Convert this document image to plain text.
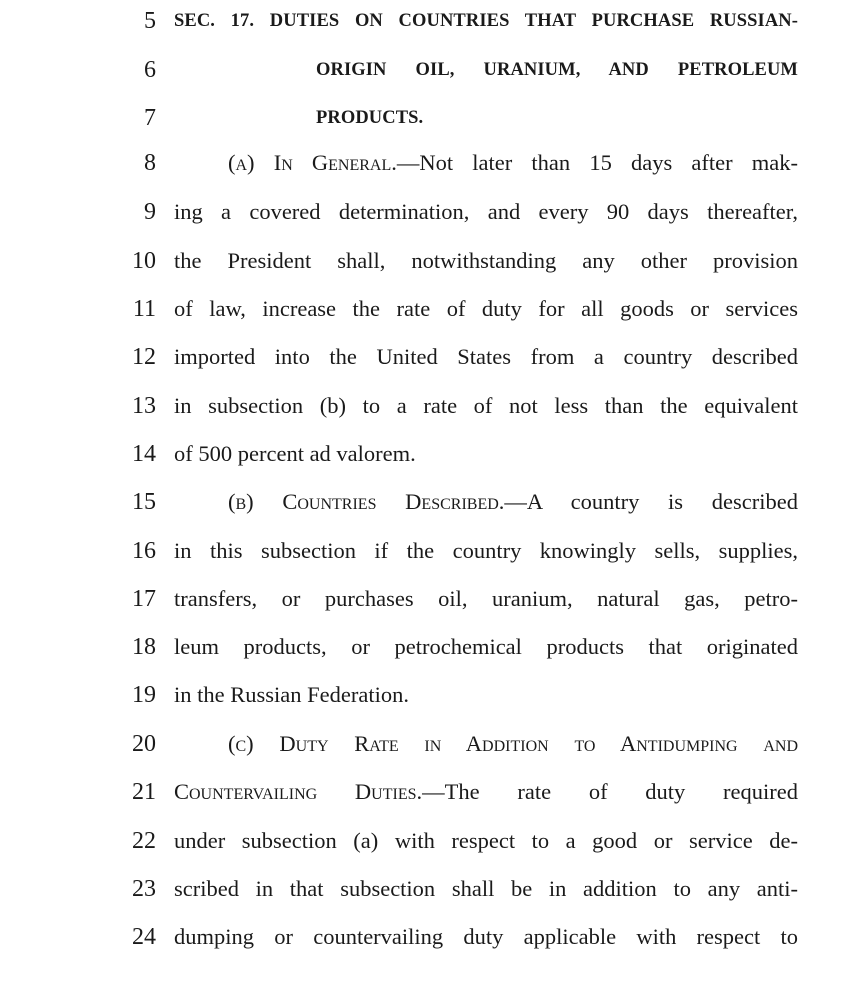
5 SEC. 17. DUTIES ON COUNTRIES THAT PURCHASE RUSSIAN-
6	ORIGIN OIL, URANIUM, AND PETROLEUM
7	PRODUCTS.
8	(a) In General.—Not later than 15 days after mak-
9 ing a covered determination, and every 90 days thereafter,
10 the President shall, notwithstanding any other provision
11 of law, increase the rate of duty for all goods or services
12 imported into the United States from a country described
13 in subsection (b) to a rate of not less than the equivalent
14 of 500 percent ad valorem.
15	(b) Countries Described.—A country is described
16 in this subsection if the country knowingly sells, supplies,
17 transfers, or purchases oil, uranium, natural gas, petro-
18 leum products, or petrochemical products that originated
19 in the Russian Federation.
20	(c) Duty Rate in Addition to Antidumping and
21 Countervailing Duties.—The rate of duty required
22 under subsection (a) with respect to a good or service de-
23 scribed in that subsection shall be in addition to any anti-
24 dumping or countervailing duty applicable with respect to
